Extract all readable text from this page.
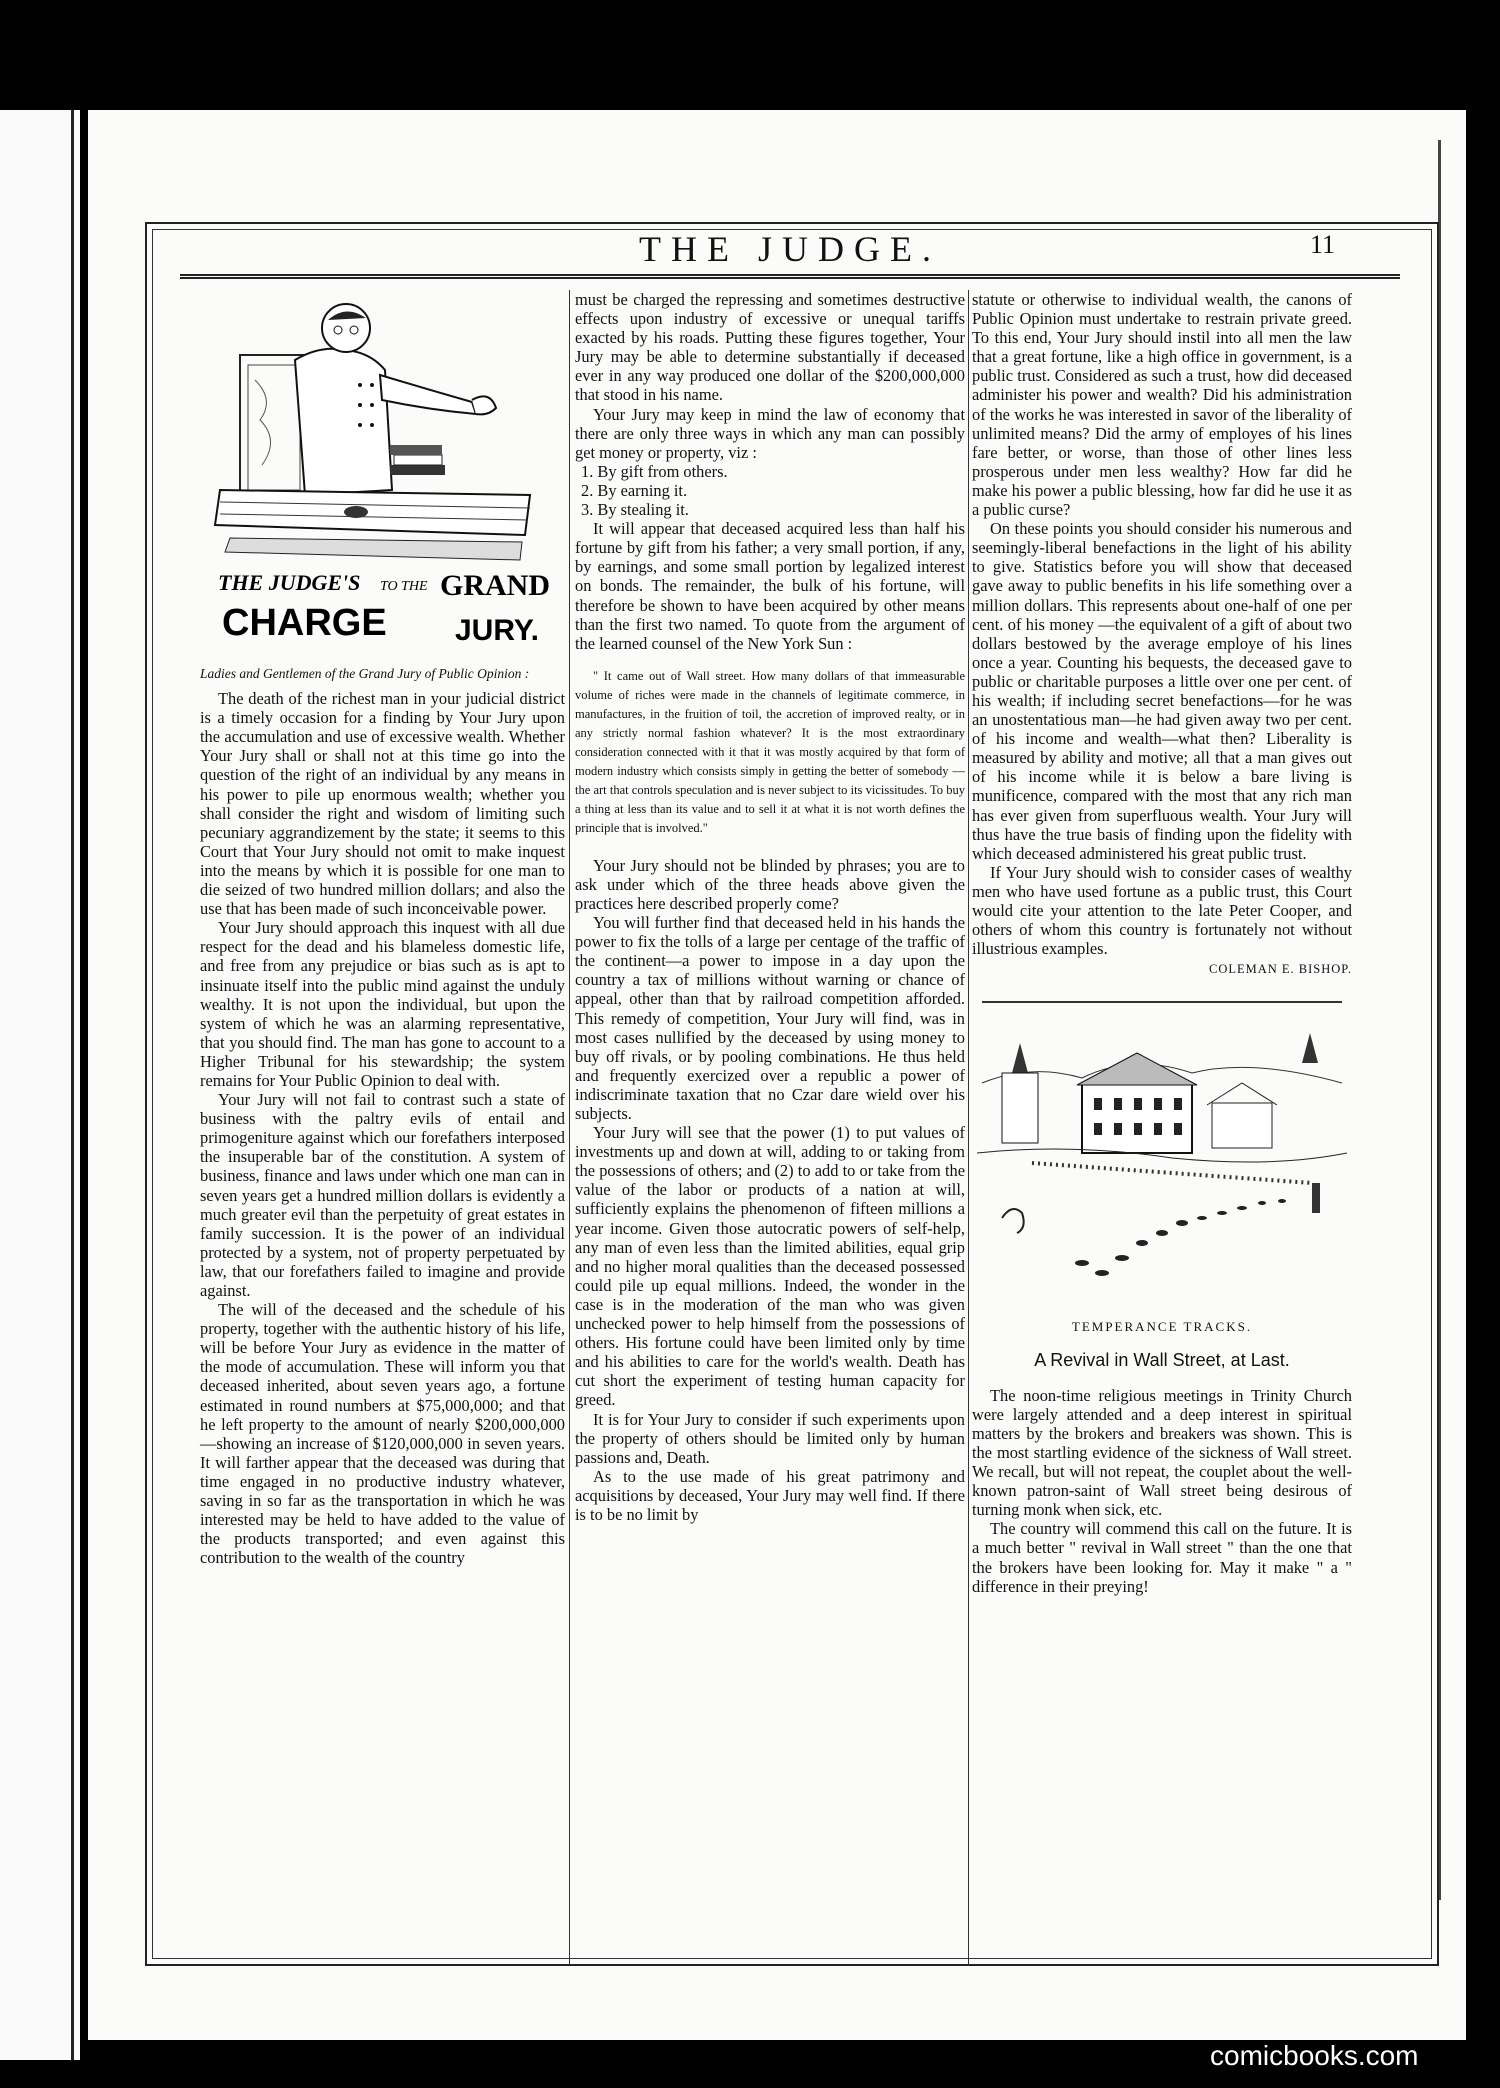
THE JUDGE.	11
THE JUDGE'S
CHARGE
TO THE GRAND
JURY.

Ladies and Gentlemen of the Grand Jury of Public Opinion :

The death of the richest man in your judicial district is a timely occasion for a finding by Your Jury upon the accumulation and use of excessive wealth. Whether Your Jury shall or shall not at this time go into the question of the right of an individual by any means in his power to pile up enormous wealth; whether you shall consider the right and wisdom of limiting such pecuniary aggrandizement by the state; it seems to this Court that Your Jury should not omit to make inquest into the means by which it is possible for one man to die seized of two hundred million dollars; and also the use that has been made of such inconceivable power.

Your Jury should approach this inquest with all due respect for the dead and his blameless domestic life, and free from any prejudice or bias such as is apt to insinuate itself into the public mind against the unduly wealthy. It is not upon the individual, but upon the system of which he was an alarming representative, that you should find. The man has gone to account to a Higher Tribunal for his stewardship; the system remains for Your Public Opinion to deal with.

Your Jury will not fail to contrast such a state of business with the paltry evils of entail and primogeniture against which our forefathers interposed the insuperable bar of the constitution. A system of business, finance and laws under which one man can in seven years get a hundred million dollars is evidently a much greater evil than the perpetuity of great estates in family succession. It is the power of an individual protected by a system, not of property perpetuated by law, that our forefathers failed to imagine and provide against.

The will of the deceased and the schedule of his property, together with the authentic history of his life, will be before Your Jury as evidence in the matter of the mode of accumulation. These will inform you that deceased inherited, about seven years ago, a fortune estimated in round numbers at $75,000,000; and that he left property to the amount of nearly $200,000,000—showing an increase of $120,000,000 in seven years. It will farther appear that the deceased was during that time engaged in no productive industry whatever, saving in so far as the transportation in which he was interested may be held to have added to the value of the products transported; and even against this contribution to the wealth of the country

must be charged the repressing and sometimes destructive effects upon industry of excessive or unequal tariffs exacted by his roads. Putting these figures together, Your Jury may be able to determine substantially if deceased ever in any way produced one dollar of the $200,000,000 that stood in his name.

Your Jury may keep in mind the law of economy that there are only three ways in which any man can possibly get money or property, viz :

1. By gift from others.
2. By earning it.
3. By stealing it.

It will appear that deceased acquired less than half his fortune by gift from his father; a very small portion, if any, by earnings, and some small portion by legalized interest on bonds. The remainder, the bulk of his fortune, will therefore be shown to have been acquired by other means than the first two named. To quote from the argument of the learned counsel of the New York Sun :

" It came out of Wall street. How many dollars of that immeasurable volume of riches were made in the channels of legitimate commerce, in manufactures, in the fruition of toil, the accretion of improved realty, or in any strictly normal fashion whatever? It is the most extraordinary consideration connected with it that it was mostly acquired by that form of modern industry which consists simply in getting the better of somebody —the art that controls speculation and is never subject to its vicissitudes. To buy a thing at less than its value and to sell it at what it is not worth defines the principle that is involved."

Your Jury should not be blinded by phrases; you are to ask under which of the three heads above given the practices here described properly come?

You will further find that deceased held in his hands the power to fix the tolls of a large per centage of the traffic of the continent—a power to impose in a day upon the country a tax of millions without warning or chance of appeal, other than that by railroad competition afforded. This remedy of competition, Your Jury will find, was in most cases nullified by the deceased by using money to buy off rivals, or by pooling combinations. He thus held and frequently exercized over a republic a power of indiscriminate taxation that no Czar dare wield over his subjects.

Your Jury will see that the power (1) to put values of investments up and down at will, adding to or taking from the possessions of others; and (2) to add to or take from the value of the labor or products of a nation at will, sufficiently explains the phenomenon of fifteen millions a year income. Given those autocratic powers of self-help, any man of even less than the limited abilities, equal grip and no higher moral qualities than the deceased possessed could pile up equal millions. Indeed, the wonder in the case is in the moderation of the man who was given unchecked power to help himself from the possessions of others. His fortune could have been limited only by time and his abilities to care for the world's wealth. Death has cut short the experiment of testing human capacity for greed.

It is for Your Jury to consider if such experiments upon the property of others should be limited only by human passions and, Death.

As to the use made of his great patrimony and acquisitions by deceased, Your Jury may well find. If there is to be no limit by

statute or otherwise to individual wealth, the canons of Public Opinion must undertake to restrain private greed. To this end, Your Jury should instil into all men the law that a great fortune, like a high office in government, is a public trust. Considered as such a trust, how did deceased administer his power and wealth? Did his administration of the works he was interested in savor of the liberality of unlimited means? Did the army of employes of his lines fare better, or worse, than those of other lines less prosperous under men less wealthy? How far did he make his power a public blessing, how far did he use it as a public curse?

On these points you should consider his numerous and seemingly-liberal benefactions in the light of his ability to give. Statistics before you will show that deceased gave away to public benefits in his life something over a million dollars. This represents about one-half of one per cent. of his money —the equivalent of a gift of about two dollars bestowed by the average employe of his lines once a year. Counting his bequests, the deceased gave to public or charitable purposes a little over one per cent. of his wealth; if including secret benefactions—for he was an unostentatious man—he had given away two per cent. of his income and wealth—what then? Liberality is measured by ability and motive; all that a man gives out of his income while it is below a bare living is munificence, compared with the most that any rich man has ever given from superfluous wealth. Your Jury will thus have the true basis of finding upon the fidelity with which deceased administered his great public trust.

If Your Jury should wish to consider cases of wealthy men who have used fortune as a public trust, this Court would cite your attention to the late Peter Cooper, and others of whom this country is fortunately not without illustrious examples.

COLEMAN E. BISHOP.
TEMPERANCE TRACKS.
A Revival in Wall Street, at Last.

The noon-time religious meetings in Trinity Church were largely attended and a deep interest in spiritual matters by the brokers and breakers was shown. This is the most startling evidence of the sickness of Wall street. We recall, but will not repeat, the couplet about the well-known patron-saint of Wall street being desirous of turning monk when sick, etc.

The country will commend this call on the future. It is a much better " revival in Wall street " than the one that the brokers have been looking for. May it make " a " difference in their preying!

comicbooks.com
